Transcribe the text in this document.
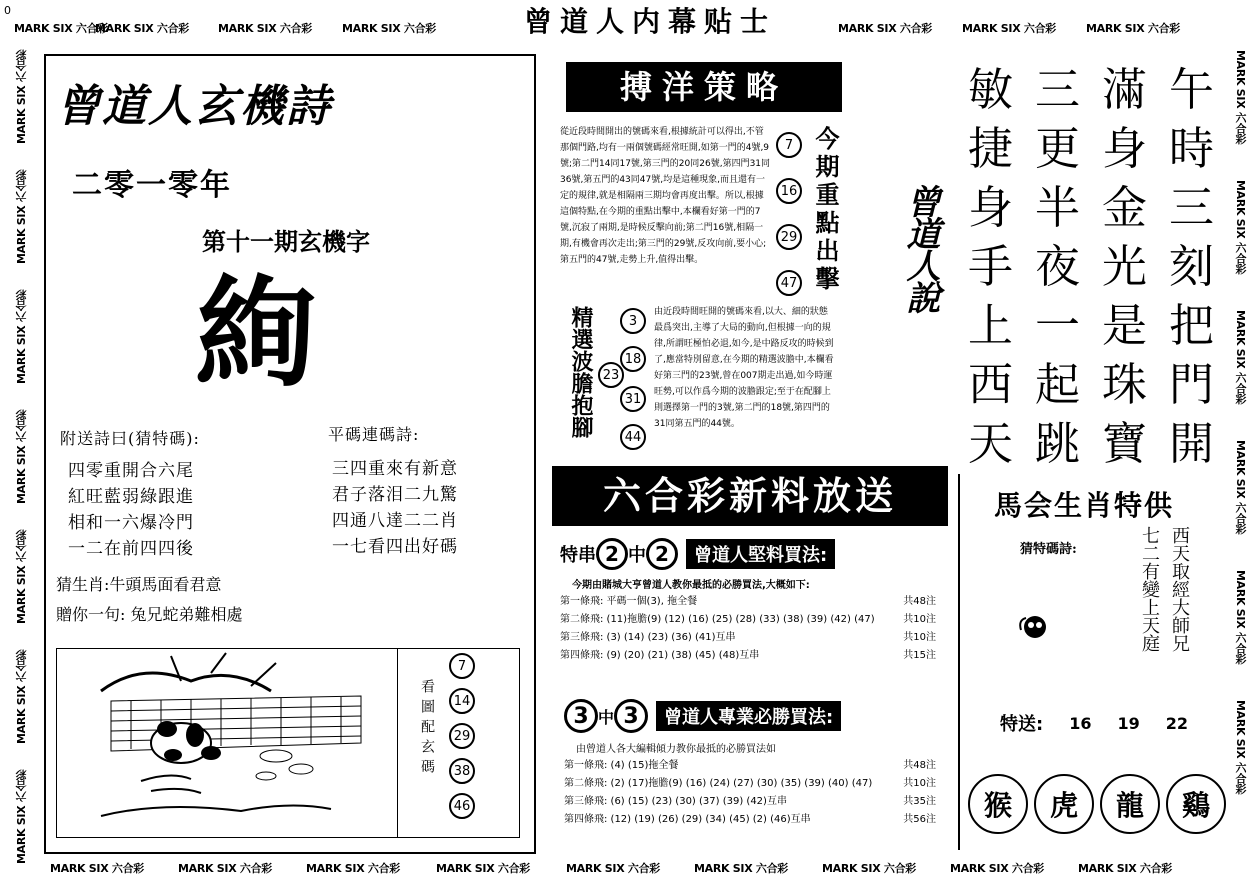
0
MARK SIX 六合彩
MARK SIX 六合彩	MARK SIX 六合彩	MARK SIX 六合彩	MARK SIX 六合彩	MARK SIX 六合彩	MARK SIX 六合彩
曾道人内幕贴士
MARK SIX 六合彩	MARK SIX 六合彩	MARK SIX 六合彩	MARK SIX 六合彩	MARK SIX 六合彩	MARK SIX 六合彩	MARK SIX 六合彩	MARK SIX 六合彩	MARK SIX 六合彩
MARK SIX 六合彩
MARK SIX 六合彩
MARK SIX 六合彩
MARK SIX 六合彩
MARK SIX 六合彩
MARK SIX 六合彩
MARK SIX 六合彩
MARK SIX 六合彩
MARK SIX 六合彩
MARK SIX 六合彩
MARK SIX 六合彩
MARK SIX 六合彩
MARK SIX 六合彩
曾道人玄機詩
二零一零年
第十一期玄機字
絢
附送詩曰(猜特碼):
四零重開合六尾
紅旺藍弱綠跟進
相和一六爆冷門
一二在前四四後
平碼連碼詩:
三四重來有新意
君子落泪二九驚
四通八達二二肖
一七看四出好碼
猜生肖:牛頭馬面看君意
贈你一句: 兔兄蛇弟難相處
看圖配玄碼
7
14
29
38
46
搏洋策略
從近段時間開出的號碼來看,根據統計可以得出,不管那個門路,均有一兩個號碼經常旺開,如第一門的4號,9號;第二門14同17號,第三門的20同26號,第四門31同36號,第五門的43同47號,均是這種現象,而且還有一定的規律,就是相隔兩三期均會再度出擊。所以,根據這個特點,在今期的重點出擊中,本欄看好第一門的7號,沉寂了兩期,是時候反擊向前;第二門16號,相隔一期,有機會再次走出;第三門的29號,反攻向前,要小心;第五門的47號,走勢上升,值得出擊。
7
16
29
47 今期重點出擊
精選波膽抱腳	3
18
23
31
44
由近段時間旺開的號碼來看,以大、細的狀態最爲突出,主導了大局的動向,但根據一向的規律,所謂旺極怕必退,如今,是中路反攻的時候到了,應當特別留意,在今期的精選波膽中,本欄看好第三門的23號,曾在007期走出過,如今時運旺勢,可以作爲今期的波膽跟定;至于在配腳上則選擇第一門的3號,第二門的18號,第四門的31同第五門的44號。
六合彩新料放送
特串 2 中 2	曾道人堅料買法:
今期由賭城大亨曾道人教你最抵的必勝買法,大概如下:
第一條飛: 平碼一個(3), 拖全餐	共48注
第二條飛: (11)拖膽(9) (12) (16) (25) (28) (33) (38) (39) (42) (47)	共10注
第三條飛: (3) (14) (23) (36) (41)互串	共10注
第四條飛: (9) (20) (21) (38) (45) (48)互串	共15注
3 中 3	曾道人專業必勝買法:
由曾道人各大編輯傾力教你最抵的必勝買法如
第一條飛: (4) (15)拖全餐	共48注
第二條飛: (2) (17)拖膽(9) (16) (24) (27) (30) (35) (39) (40) (47)	共10注
第三條飛: (6) (15) (23) (30) (37) (39) (42)互串	共35注
第四條飛: (12) (19) (26) (29) (34) (45) (2) (46)互串	共56注
曾道人說
敏
捷
身
手
上
西
天
三
更
半
夜
一
起
跳
滿
身
金
光
是
珠
寶
午
時
三
刻
把
門
開
馬会生肖特供
猜特碼詩:	西天取經大師兄
七二有變上天庭
特送: 16 19 22
猴	虎	龍	鷄
